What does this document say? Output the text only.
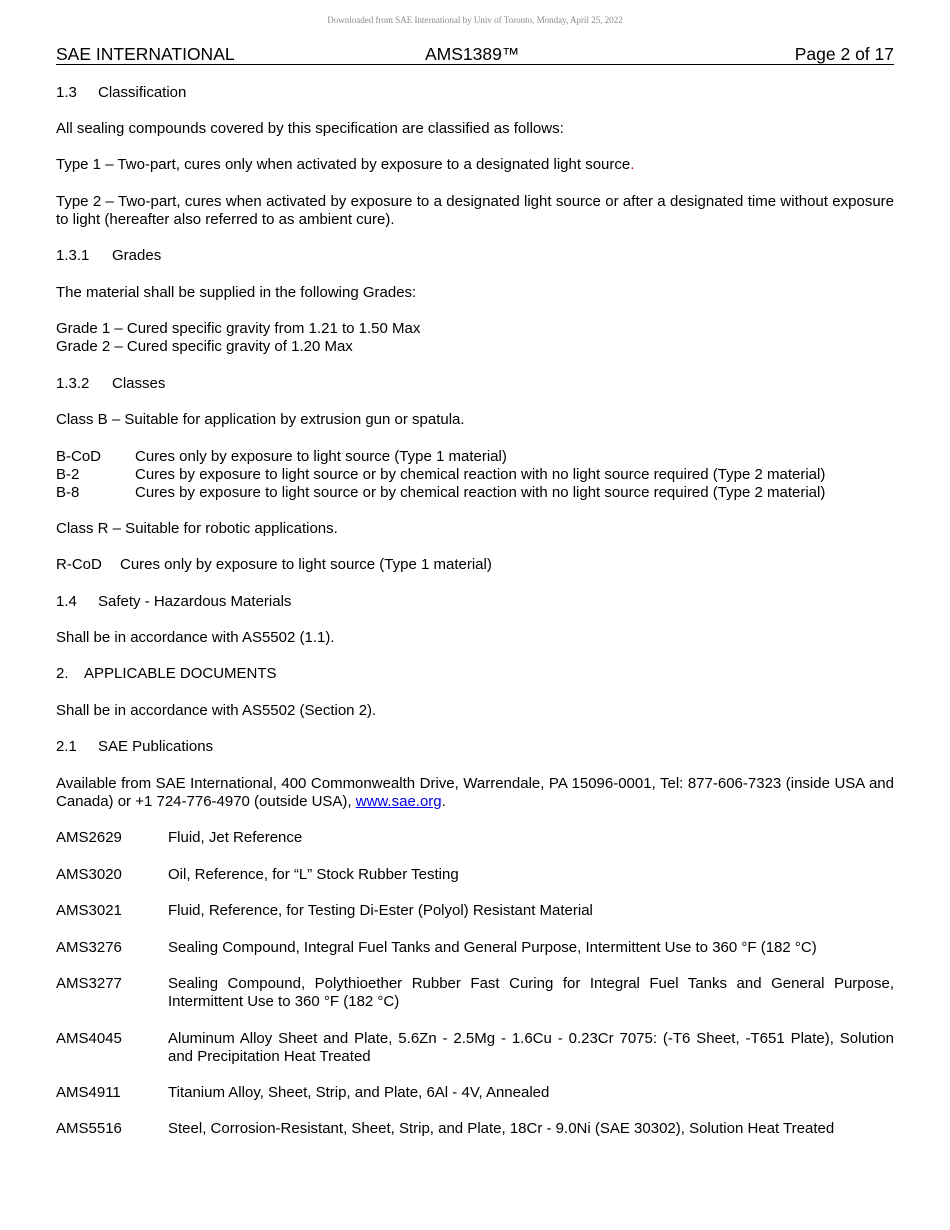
Downloaded from SAE International by Univ of Toronto, Monday, April 25, 2022
SAE INTERNATIONAL	AMS1389™	Page 2 of 17
1.3 Classification
All sealing compounds covered by this specification are classified as follows:
Type 1 – Two-part, cures only when activated by exposure to a designated light source.
Type 2 – Two-part, cures when activated by exposure to a designated light source or after a designated time without exposure to light (hereafter also referred to as ambient cure).
1.3.1 Grades
The material shall be supplied in the following Grades:
Grade 1 – Cured specific gravity from 1.21 to 1.50 Max
Grade 2 – Cured specific gravity of 1.20 Max
1.3.2 Classes
Class B – Suitable for application by extrusion gun or spatula.
B-CoD	Cures only by exposure to light source (Type 1 material)
B-2	Cures by exposure to light source or by chemical reaction with no light source required (Type 2 material)
B-8	Cures by exposure to light source or by chemical reaction with no light source required (Type 2 material)
Class R – Suitable for robotic applications.
R-CoD Cures only by exposure to light source (Type 1 material)
1.4 Safety - Hazardous Materials
Shall be in accordance with AS5502 (1.1).
2. APPLICABLE DOCUMENTS
Shall be in accordance with AS5502 (Section 2).
2.1 SAE Publications
Available from SAE International, 400 Commonwealth Drive, Warrendale, PA 15096-0001, Tel: 877-606-7323 (inside USA and Canada) or +1 724-776-4970 (outside USA), www.sae.org.
AMS2629	Fluid, Jet Reference
AMS3020	Oil, Reference, for “L” Stock Rubber Testing
AMS3021	Fluid, Reference, for Testing Di-Ester (Polyol) Resistant Material
AMS3276	Sealing Compound, Integral Fuel Tanks and General Purpose, Intermittent Use to 360 °F (182 °C)
AMS3277	Sealing Compound, Polythioether Rubber Fast Curing for Integral Fuel Tanks and General Purpose, Intermittent Use to 360 °F (182 °C)
AMS4045	Aluminum Alloy Sheet and Plate, 5.6Zn - 2.5Mg - 1.6Cu - 0.23Cr 7075: (-T6 Sheet, -T651 Plate), Solution and Precipitation Heat Treated
AMS4911	Titanium Alloy, Sheet, Strip, and Plate, 6Al - 4V, Annealed
AMS5516	Steel, Corrosion-Resistant, Sheet, Strip, and Plate, 18Cr - 9.0Ni (SAE 30302), Solution Heat Treated
